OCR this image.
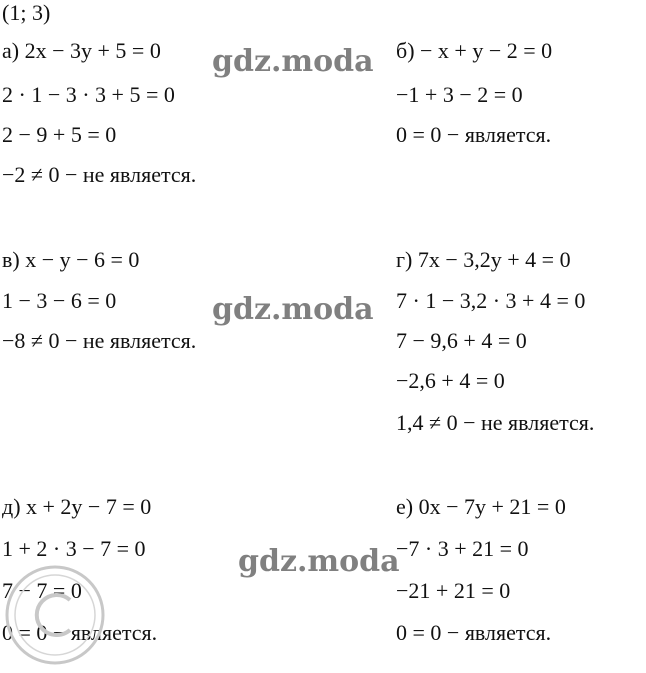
(1; 3)
а) 2x − 3y + 5 = 0
2 · 1 − 3 · 3 + 5 = 0
2 − 9 + 5 = 0
−2 ≠ 0 − не является.
б) − x + y − 2 = 0
−1 + 3 − 2 = 0
0 = 0 − является.
в) x − y − 6 = 0
1 − 3 − 6 = 0
−8 ≠ 0 − не является.
г) 7x − 3,2y + 4 = 0
7 · 1 − 3,2 · 3 + 4 = 0
7 − 9,6 + 4 = 0
−2,6 + 4 = 0
1,4 ≠ 0 − не является.
д) x + 2y − 7 = 0
1 + 2 · 3 − 7 = 0
7 − 7 = 0
0 = 0 − является.
е) 0x − 7y + 21 = 0
−7 · 3 + 21 = 0
−21 + 21 = 0
0 = 0 − является.
gdz.moda
gdz.moda
gdz.moda
